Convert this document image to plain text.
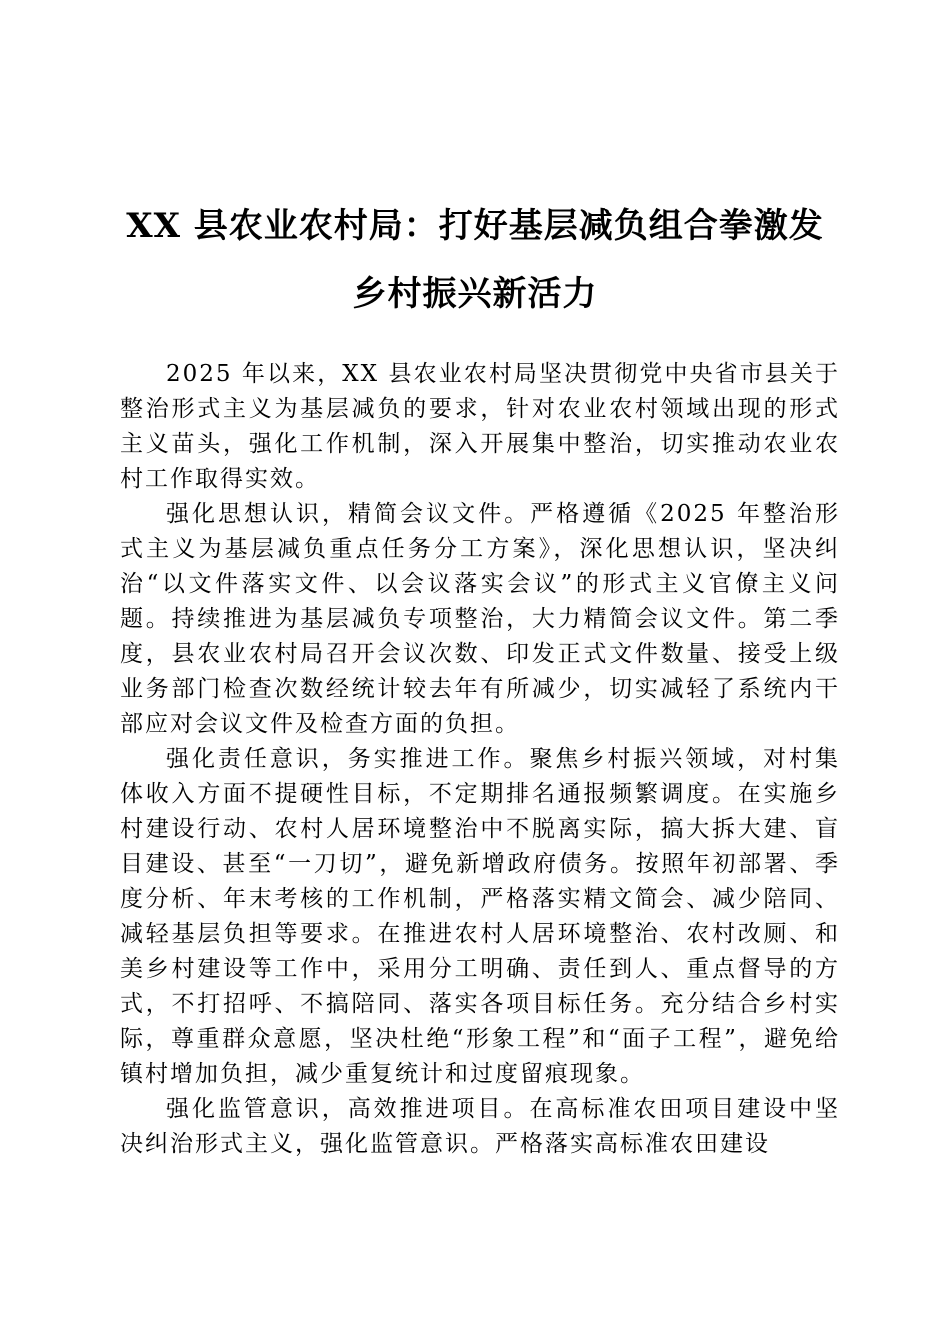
XX 县农业农村局：打好基层减负组合拳激发
乡村振兴新活力

2025 年以来，XX 县农业农村局坚决贯彻党中央省市县关于整治形式主义为基层减负的要求，针对农业农村领域出现的形式主义苗头，强化工作机制，深入开展集中整治，切实推动农业农村工作取得实效。

强化思想认识，精简会议文件。严格遵循《2025 年整治形式主义为基层减负重点任务分工方案》，深化思想认识，坚决纠治“以文件落实文件、以会议落实会议”的形式主义官僚主义问题。持续推进为基层减负专项整治，大力精简会议文件。第二季度，县农业农村局召开会议次数、印发正式文件数量、接受上级业务部门检查次数经统计较去年有所减少，切实减轻了系统内干部应对会议文件及检查方面的负担。

强化责任意识，务实推进工作。聚焦乡村振兴领域，对村集体收入方面不提硬性目标，不定期排名通报频繁调度。在实施乡村建设行动、农村人居环境整治中不脱离实际，搞大拆大建、盲目建设、甚至“一刀切”，避免新增政府债务。按照年初部署、季度分析、年末考核的工作机制，严格落实精文简会、减少陪同、减轻基层负担等要求。在推进农村人居环境整治、农村改厕、和美乡村建设等工作中，采用分工明确、责任到人、重点督导的方式，不打招呼、不搞陪同、落实各项目标任务。充分结合乡村实际，尊重群众意愿，坚决杜绝“形象工程”和“面子工程”，避免给镇村增加负担，减少重复统计和过度留痕现象。

强化监管意识，高效推进项目。在高标准农田项目建设中坚决纠治形式主义，强化监管意识。严格落实高标准农田建设
